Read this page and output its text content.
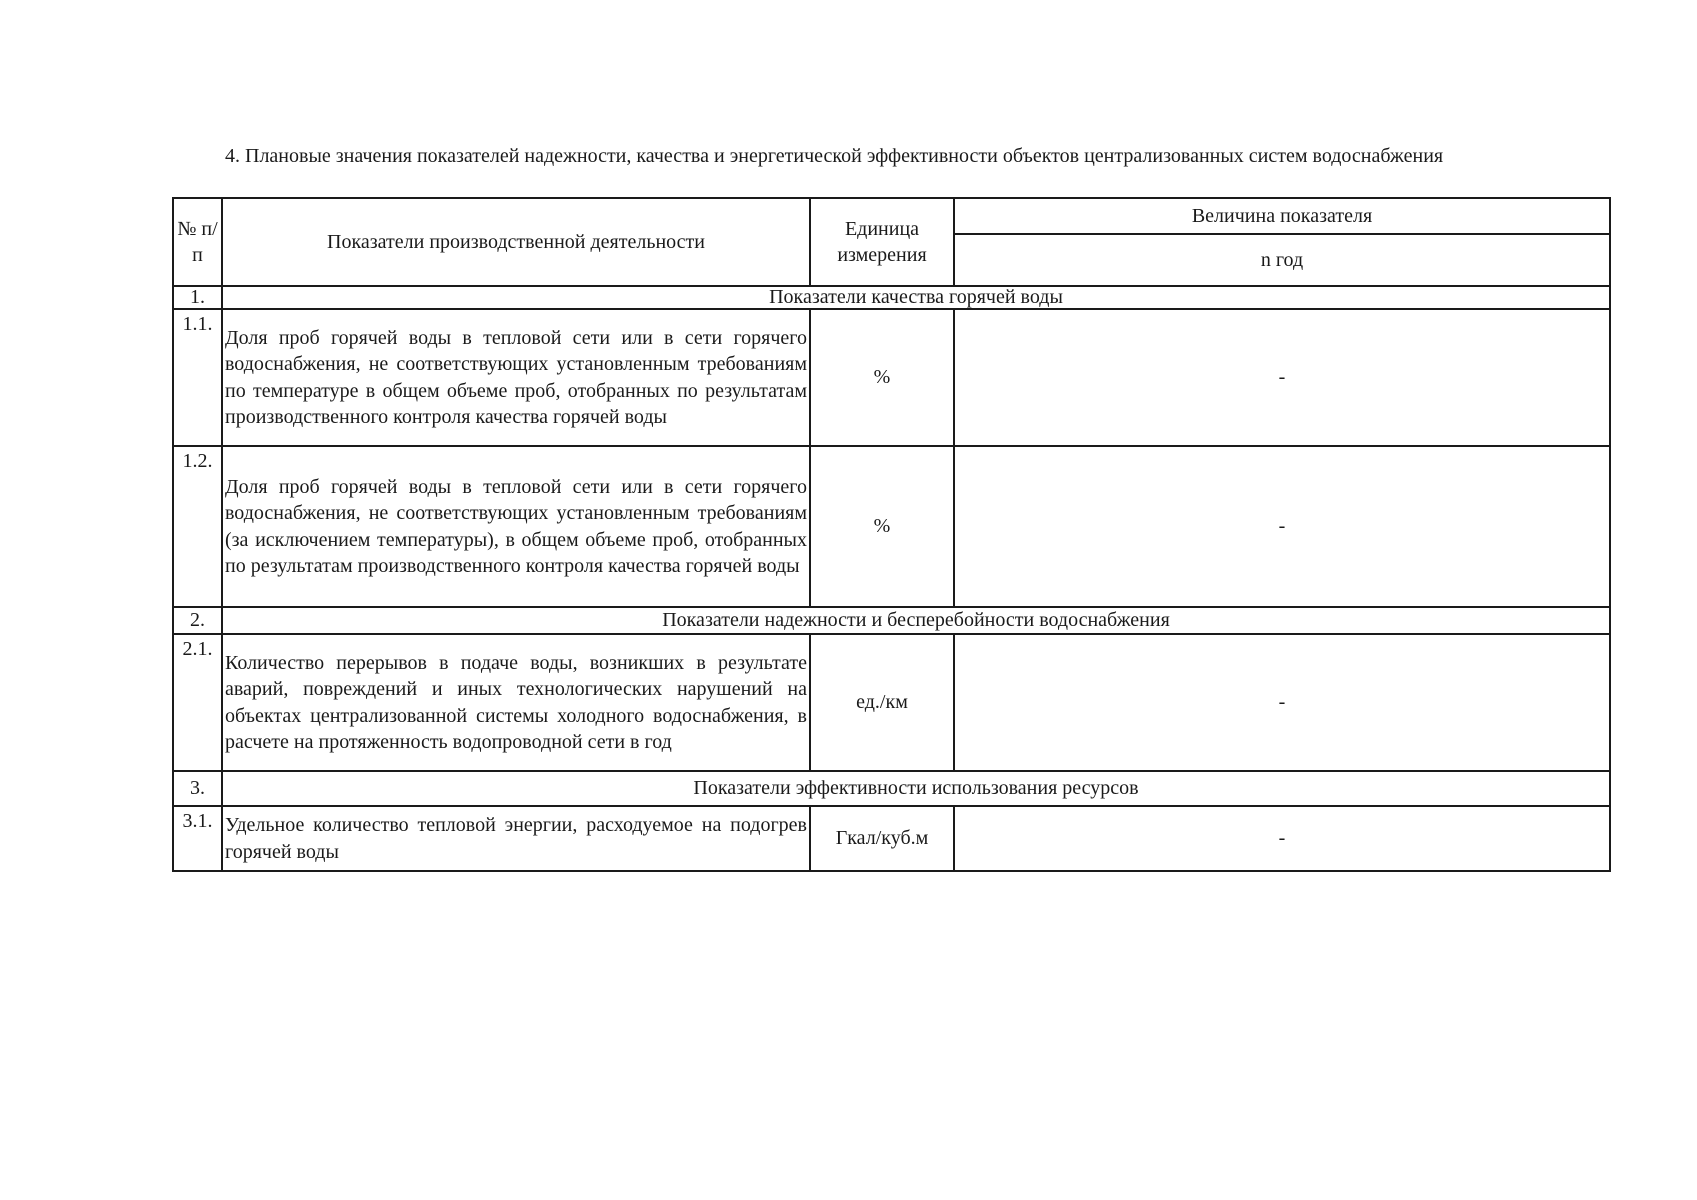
4. Плановые значения показателей надежности, качества и энергетической эффективности объектов централизованных систем водоснабжения
№ п/п	Показатели производственной деятельности	Единица измерения	Величина показателя
			n год
1.	Показатели качества горячей воды		
1.1.	Доля проб горячей воды в тепловой сети или в сети горячего водоснабжения, не соответствующих установленным требованиям по температуре в общем объеме проб, отобранных по результатам производственного контроля качества горячей воды	%	-
1.2.	Доля проб горячей воды в тепловой сети или в сети горячего водоснабжения, не соответствующих установленным требованиям (за исключением температуры), в общем объеме проб, отобранных по результатам производственного контроля качества горячей воды	%	-
2.	Показатели надежности и бесперебойности водоснабжения		
2.1.	Количество перерывов в подаче воды, возникших в результате аварий, повреждений и иных технологических нарушений на объектах централизованной системы холодного водоснабжения, в расчете на протяженность водопроводной сети в год	ед./км	-
3.	Показатели эффективности использования ресурсов		
3.1.	Удельное количество тепловой энергии, расходуемое на подогрев горячей воды	Гкал/куб.м	-
